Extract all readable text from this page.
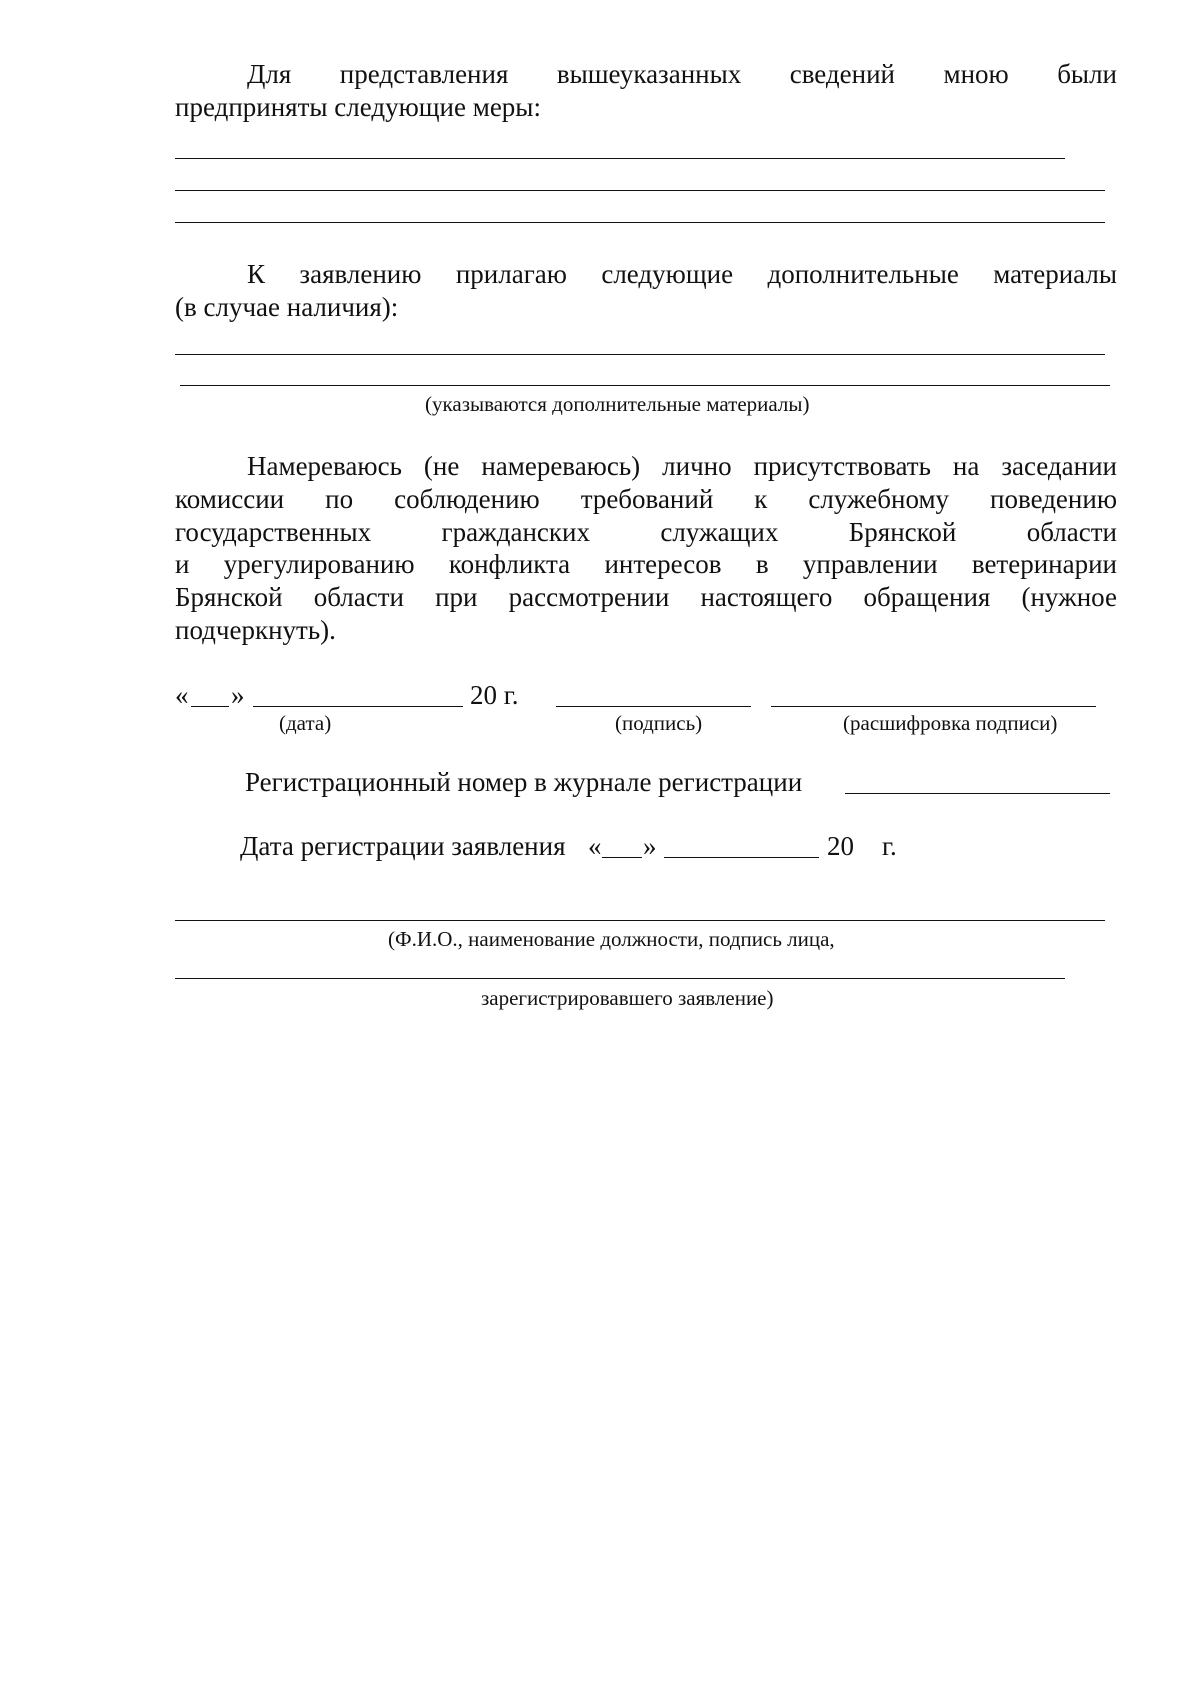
Для представления вышеуказанных сведений мною были
предприняты следующие меры:
К заявлению прилагаю следующие дополнительные материалы
(в случае наличия):
(указываются дополнительные материалы)
Намереваюсь (не намереваюсь) лично присутствовать на заседании
комиссии по соблюдению требований к служебному поведению
государственных гражданских служащих Брянской области
и урегулированию конфликта интересов в управлении ветеринарии
Брянской области при рассмотрении настоящего обращения (нужное
подчеркнуть).
« »	20 г.
(дата)	(подпись)	(расшифровка подписи)
Регистрационный номер в журнале регистрации
Дата регистрации заявления « »	20 г.
(Ф.И.О., наименование должности, подпись лица,
зарегистрировавшего заявление)
